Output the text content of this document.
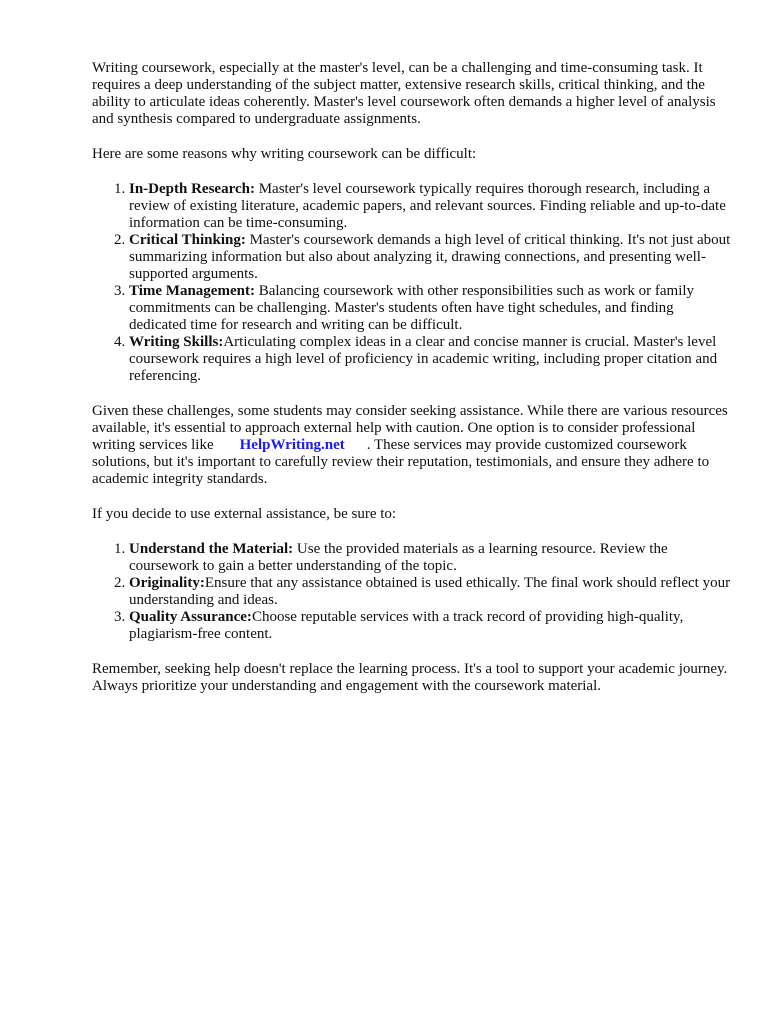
Writing coursework, especially at the master's level, can be a challenging and time-consuming task. It requires a deep understanding of the subject matter, extensive research skills, critical thinking, and the ability to articulate ideas coherently. Master's level coursework often demands a higher level of analysis and synthesis compared to undergraduate assignments.

Here are some reasons why writing coursework can be difficult:

1. In-Depth Research: Master's level coursework typically requires thorough research, including a review of existing literature, academic papers, and relevant sources. Finding reliable and up-to-date information can be time-consuming.
2. Critical Thinking: Master's coursework demands a high level of critical thinking. It's not just about summarizing information but also about analyzing it, drawing connections, and presenting well-supported arguments.
3. Time Management: Balancing coursework with other responsibilities such as work or family commitments can be challenging. Master's students often have tight schedules, and finding dedicated time for research and writing can be difficult.
4. Writing Skills:Articulating complex ideas in a clear and concise manner is crucial. Master's level coursework requires a high level of proficiency in academic writing, including proper citation and referencing.

Given these challenges, some students may consider seeking assistance. While there are various resources available, it's essential to approach external help with caution. One option is to consider professional writing services like HelpWriting.net . These services may provide customized coursework solutions, but it's important to carefully review their reputation, testimonials, and ensure they adhere to academic integrity standards.

If you decide to use external assistance, be sure to:

1. Understand the Material: Use the provided materials as a learning resource. Review the coursework to gain a better understanding of the topic.
2. Originality:Ensure that any assistance obtained is used ethically. The final work should reflect your understanding and ideas.
3. Quality Assurance:Choose reputable services with a track record of providing high-quality, plagiarism-free content.

Remember, seeking help doesn't replace the learning process. It's a tool to support your academic journey. Always prioritize your understanding and engagement with the coursework material.
